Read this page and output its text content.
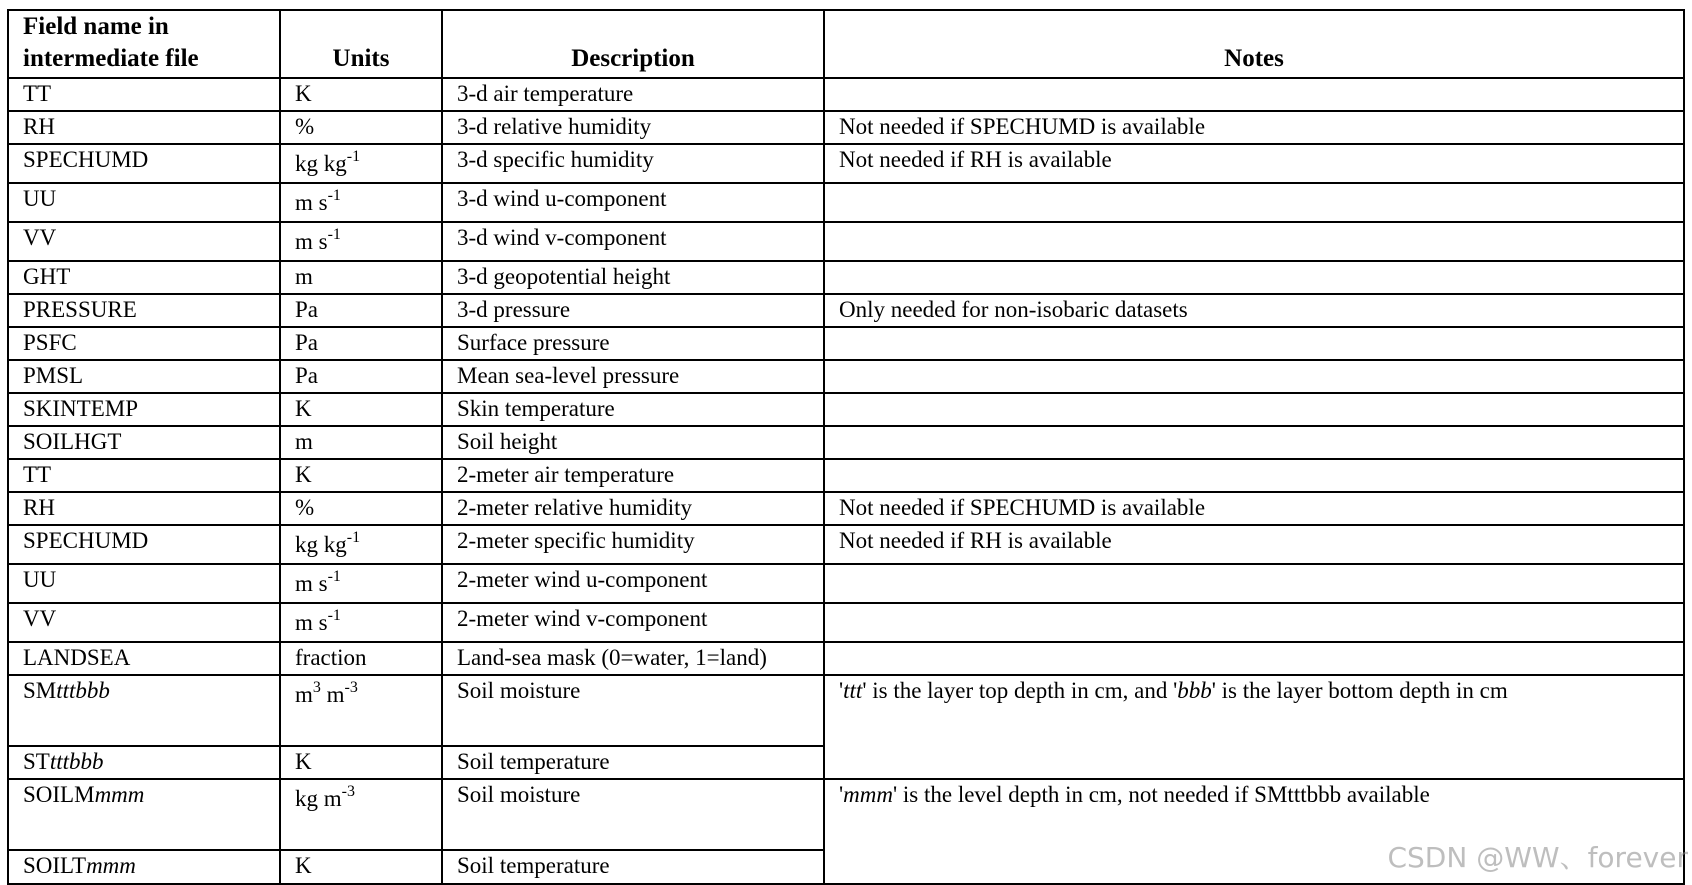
Field name in intermediate file	Units	Description	Notes
TT	K	3-d air temperature	
RH	%	3-d relative humidity	Not needed if SPECHUMD is available
SPECHUMD	kg $kg^{-1}$	3-d specific humidity	Not needed if RH is available
UU	m $s^{-1}$	3-d wind u-component	
VV	m $s^{-1}$	3-d wind v-component	
GHT	m	3-d geopotential height	
PRESSURE	Pa	3-d pressure	Only needed for non-isobaric datasets
PSFC	Pa	Surface pressure	
PMSL	Pa	Mean sea-level pressure	
SKINTEMP	K	Skin temperature	
SOILHGT	m	Soil height	
TT	K	2-meter air temperature	
RH	%	2-meter relative humidity	Not needed if SPECHUMD is available
SPECHUMD	kg $kg^{-1}$	2-meter specific humidity	Not needed if RH is available
UU	m $s^{-1}$	2-meter wind u-component	
VV	m $s^{-1}$	2-meter wind v-component	
LANDSEA	fraction	Land-sea mask (0=water, 1=land)	
SMtttbbb	$m^3$ $m^{-3}$	Soil moisture	'ttt' is the layer top depth in cm, and 'bbb' is the layer bottom depth in cm
STtttbbb	K	Soil temperature	
SOILMmmm	kg $m^{-3}$	Soil moisture	'mmm' is the level depth in cm, not needed if SMtttbbb available
SOILTmmm	K	Soil temperature		CSDN @WW、forever
